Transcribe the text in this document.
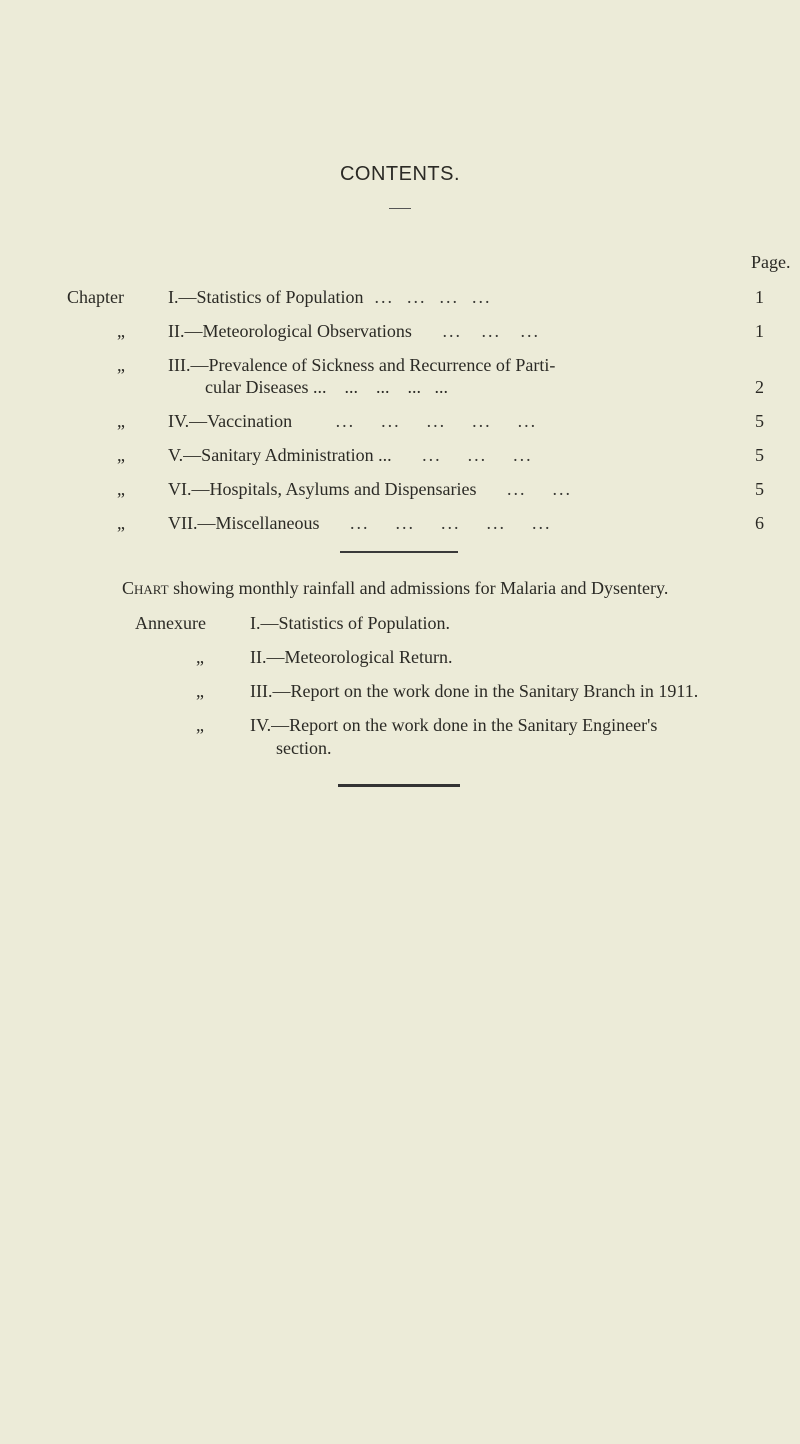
CONTENTS.
Page.
Chapter I.—Statistics of Population  ...  ...  ...  ...	1
„ II.—Meteorological Observations     ...   ...   ...	1
„ III.—Prevalence of Sickness and Recurrence of Parti-
cular Diseases ...    ...    ...    ...   ...	2
„ IV.—Vaccination       ...    ...    ...    ...    ...	5
„ V.—Sanitary Administration ...     ...    ...    ...	5
„ VI.—Hospitals, Asylums and Dispensaries     ...    ...	5
„ VII.—Miscellaneous     ...    ...    ...    ...    ...	6
Chart showing monthly rainfall and admissions for Malaria and Dysentery.
Annexure I.—Statistics of Population.
„	II.—Meteorological Return.
„	III.—Report on the work done in the Sanitary Branch in 1911.
„	IV.—Report on the work done in the Sanitary Engineer's
section.
